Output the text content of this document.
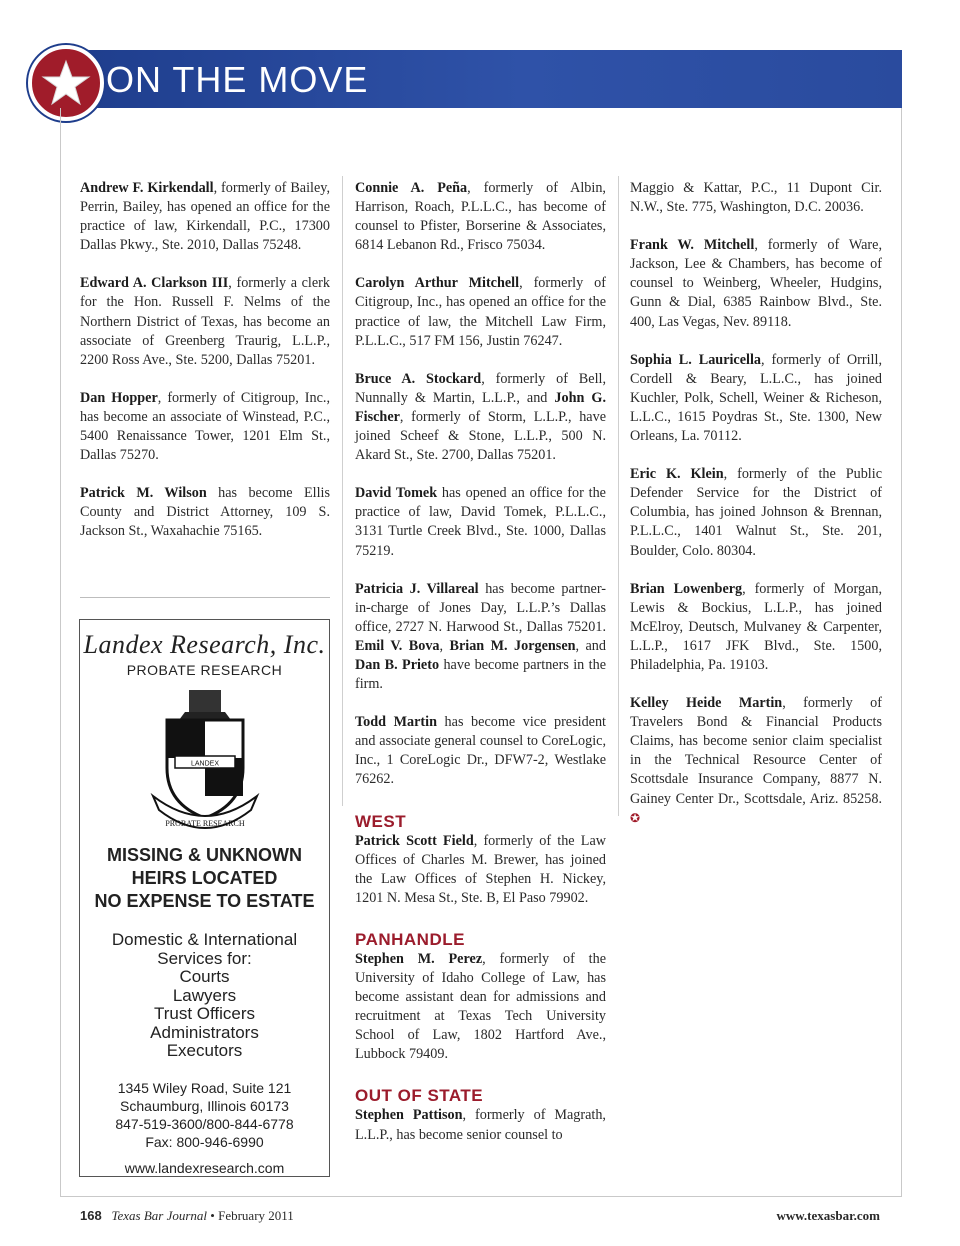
ON THE MOVE

Andrew F. Kirkendall, formerly of Bailey, Perrin, Bailey, has opened an office for the practice of law, Kirkendall, P.C., 17300 Dallas Pkwy., Ste. 2010, Dallas 75248.

Edward A. Clarkson III, formerly a clerk for the Hon. Russell F. Nelms of the Northern District of Texas, has become an associate of Greenberg Traurig, L.L.P., 2200 Ross Ave., Ste. 5200, Dallas 75201.

Dan Hopper, formerly of Citigroup, Inc., has become an associate of Winstead, P.C., 5400 Renaissance Tower, 1201 Elm St., Dallas 75270.

Patrick M. Wilson has become Ellis County and District Attorney, 109 S. Jackson St., Waxahachie 75165.

Landex Research, Inc.
PROBATE RESEARCH
LANDEX
PROBATE RESEARCH
MISSING & UNKNOWN
HEIRS LOCATED
NO EXPENSE TO ESTATE
Domestic & International
Services for:
Courts
Lawyers
Trust Officers
Administrators
Executors
1345 Wiley Road, Suite 121
Schaumburg, Illinois 60173
847-519-3600/800-844-6778
Fax: 800-946-6990
www.landexresearch.com

Connie A. Peña, formerly of Albin, Harrison, Roach, P.L.L.C., has become of counsel to Pfister, Borserine & Associates, 6814 Lebanon Rd., Frisco 75034.

Carolyn Arthur Mitchell, formerly of Citigroup, Inc., has opened an office for the practice of law, the Mitchell Law Firm, P.L.L.C., 517 FM 156, Justin 76247.

Bruce A. Stockard, formerly of Bell, Nunnally & Martin, L.L.P., and John G. Fischer, formerly of Storm, L.L.P., have joined Scheef & Stone, L.L.P., 500 N. Akard St., Ste. 2700, Dallas 75201.

David Tomek has opened an office for the practice of law, David Tomek, P.L.L.C., 3131 Turtle Creek Blvd., Ste. 1000, Dallas 75219.

Patricia J. Villareal has become partner-in-charge of Jones Day, L.L.P.’s Dallas office, 2727 N. Harwood St., Dallas 75201. Emil V. Bova, Brian M. Jorgensen, and Dan B. Prieto have become partners in the firm.

Todd Martin has become vice president and associate general counsel to CoreLogic, Inc., 1 CoreLogic Dr., DFW7-2, Westlake 76262.

WEST

Patrick Scott Field, formerly of the Law Offices of Charles M. Brewer, has joined the Law Offices of Stephen H. Nickey, 1201 N. Mesa St., Ste. B, El Paso 79902.

PANHANDLE

Stephen M. Perez, formerly of the University of Idaho College of Law, has become assistant dean for admissions and recruitment at Texas Tech University School of Law, 1802 Hartford Ave., Lubbock 79409.

OUT OF STATE

Stephen Pattison, formerly of Magrath, L.L.P., has become senior counsel to

Maggio & Kattar, P.C., 11 Dupont Cir. N.W., Ste. 775, Washington, D.C. 20036.

Frank W. Mitchell, formerly of Ware, Jackson, Lee & Chambers, has become of counsel to Weinberg, Wheeler, Hudgins, Gunn & Dial, 6385 Rainbow Blvd., Ste. 400, Las Vegas, Nev. 89118.

Sophia L. Lauricella, formerly of Orrill, Cordell & Beary, L.L.C., has joined Kuchler, Polk, Schell, Weiner & Richeson, L.L.C., 1615 Poydras St., Ste. 1300, New Orleans, La. 70112.

Eric K. Klein, formerly of the Public Defender Service for the District of Columbia, has joined Johnson & Brennan, P.L.L.C., 1401 Walnut St., Ste. 201, Boulder, Colo. 80304.

Brian Lowenberg, formerly of Morgan, Lewis & Bockius, L.L.P., has joined McElroy, Deutsch, Mulvaney & Carpenter, L.L.P., 1617 JFK Blvd., Ste. 1500, Philadelphia, Pa. 19103.

Kelley Heide Martin, formerly of Travelers Bond & Financial Products Claims, has become senior claim specialist in the Technical Resource Center of Scottsdale Insurance Company, 8877 N. Gainey Center Dr., Scottsdale, Ariz. 85258. ✪

168 Texas Bar Journal • February 2011	www.texasbar.com
